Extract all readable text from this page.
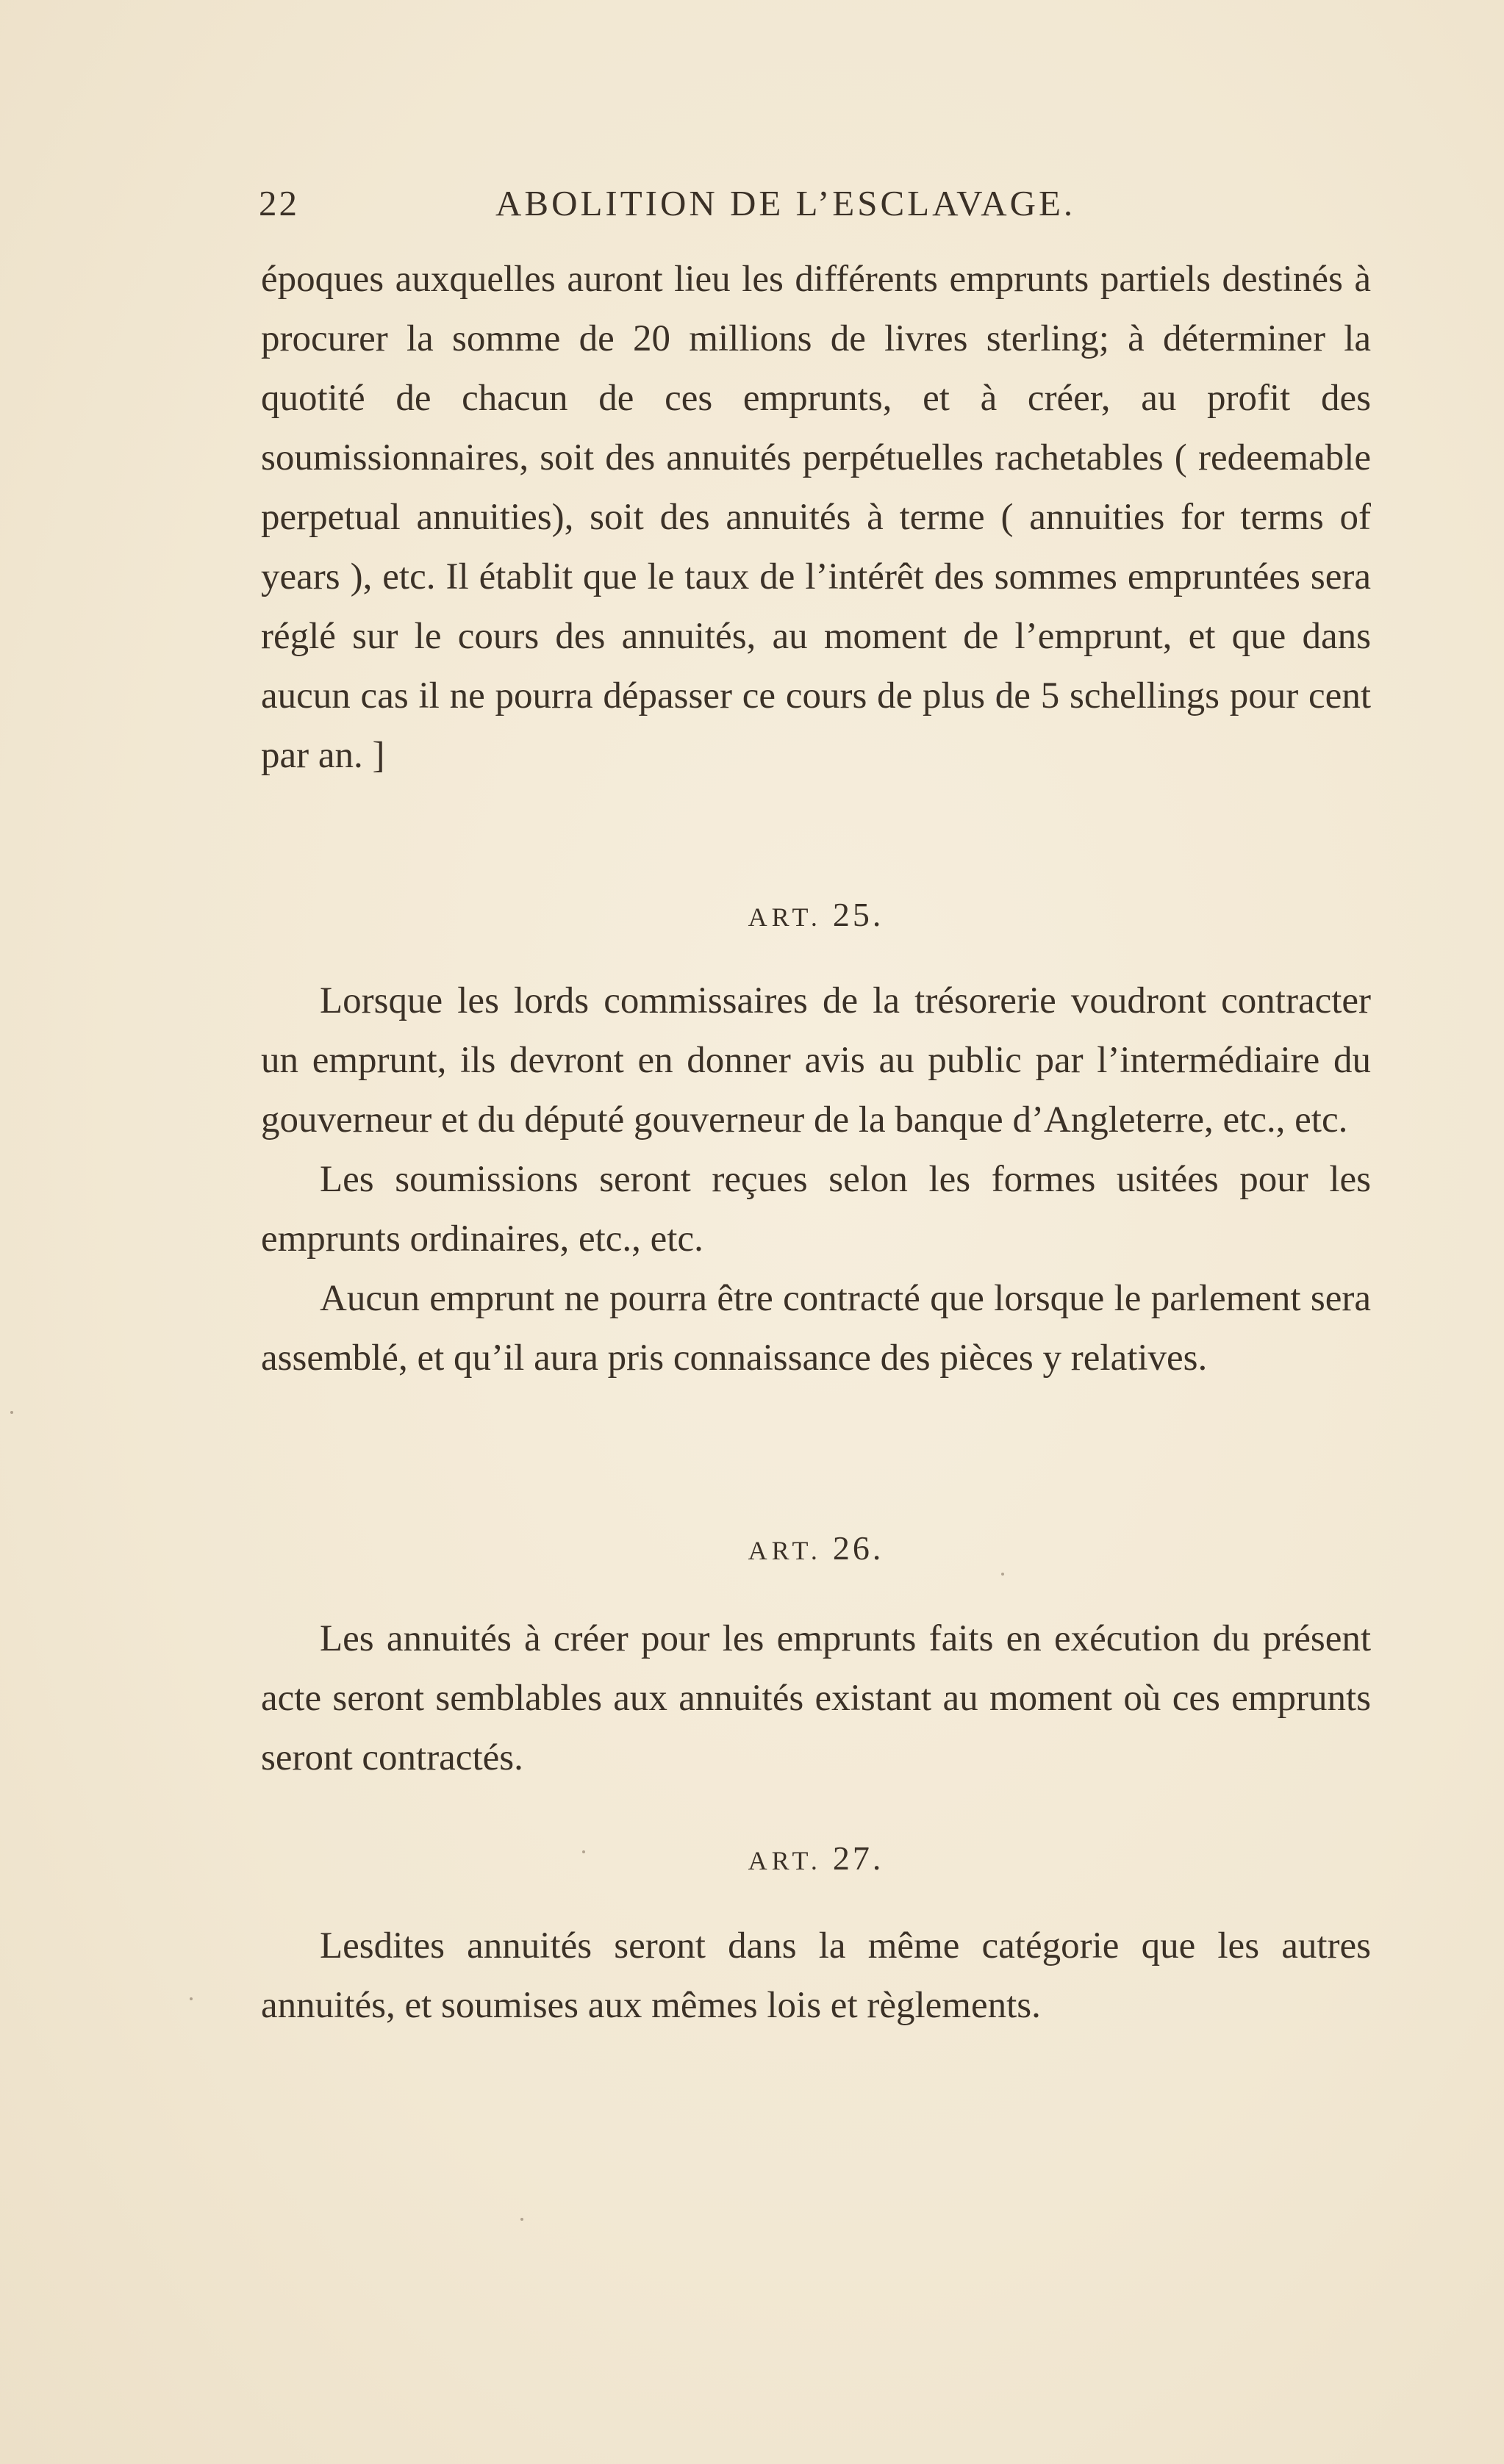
22	ABOLITION DE L’ESCLAVAGE.

époques auxquelles auront lieu les différents emprunts partiels destinés à procurer la somme de 20 millions de livres sterling; à déterminer la quotité de chacun de ces emprunts, et à créer, au profit des soumissionnaires, soit des annuités perpétuelles rachetables ( redeemable perpetual annuities), soit des annuités à terme ( annuities for terms of years ), etc. Il établit que le taux de l’intérêt des sommes empruntées sera réglé sur le cours des annuités, au moment de l’emprunt, et que dans aucun cas il ne pourra dépasser ce cours de plus de 5 schellings pour cent par an. ]

ART. 25.

Lorsque les lords commissaires de la trésorerie voudront contracter un emprunt, ils devront en donner avis au public par l’intermédiaire du gouverneur et du député gouverneur de la banque d’Angleterre, etc., etc.

Les soumissions seront reçues selon les formes usitées pour les emprunts ordinaires, etc., etc.

Aucun emprunt ne pourra être contracté que lorsque le parlement sera assemblé, et qu’il aura pris connaissance des pièces y relatives.

ART. 26.

Les annuités à créer pour les emprunts faits en exécution du présent acte seront semblables aux annuités existant au moment où ces emprunts seront contractés.

ART. 27.

Lesdites annuités seront dans la même catégorie que les autres annuités, et soumises aux mêmes lois et règlements.
